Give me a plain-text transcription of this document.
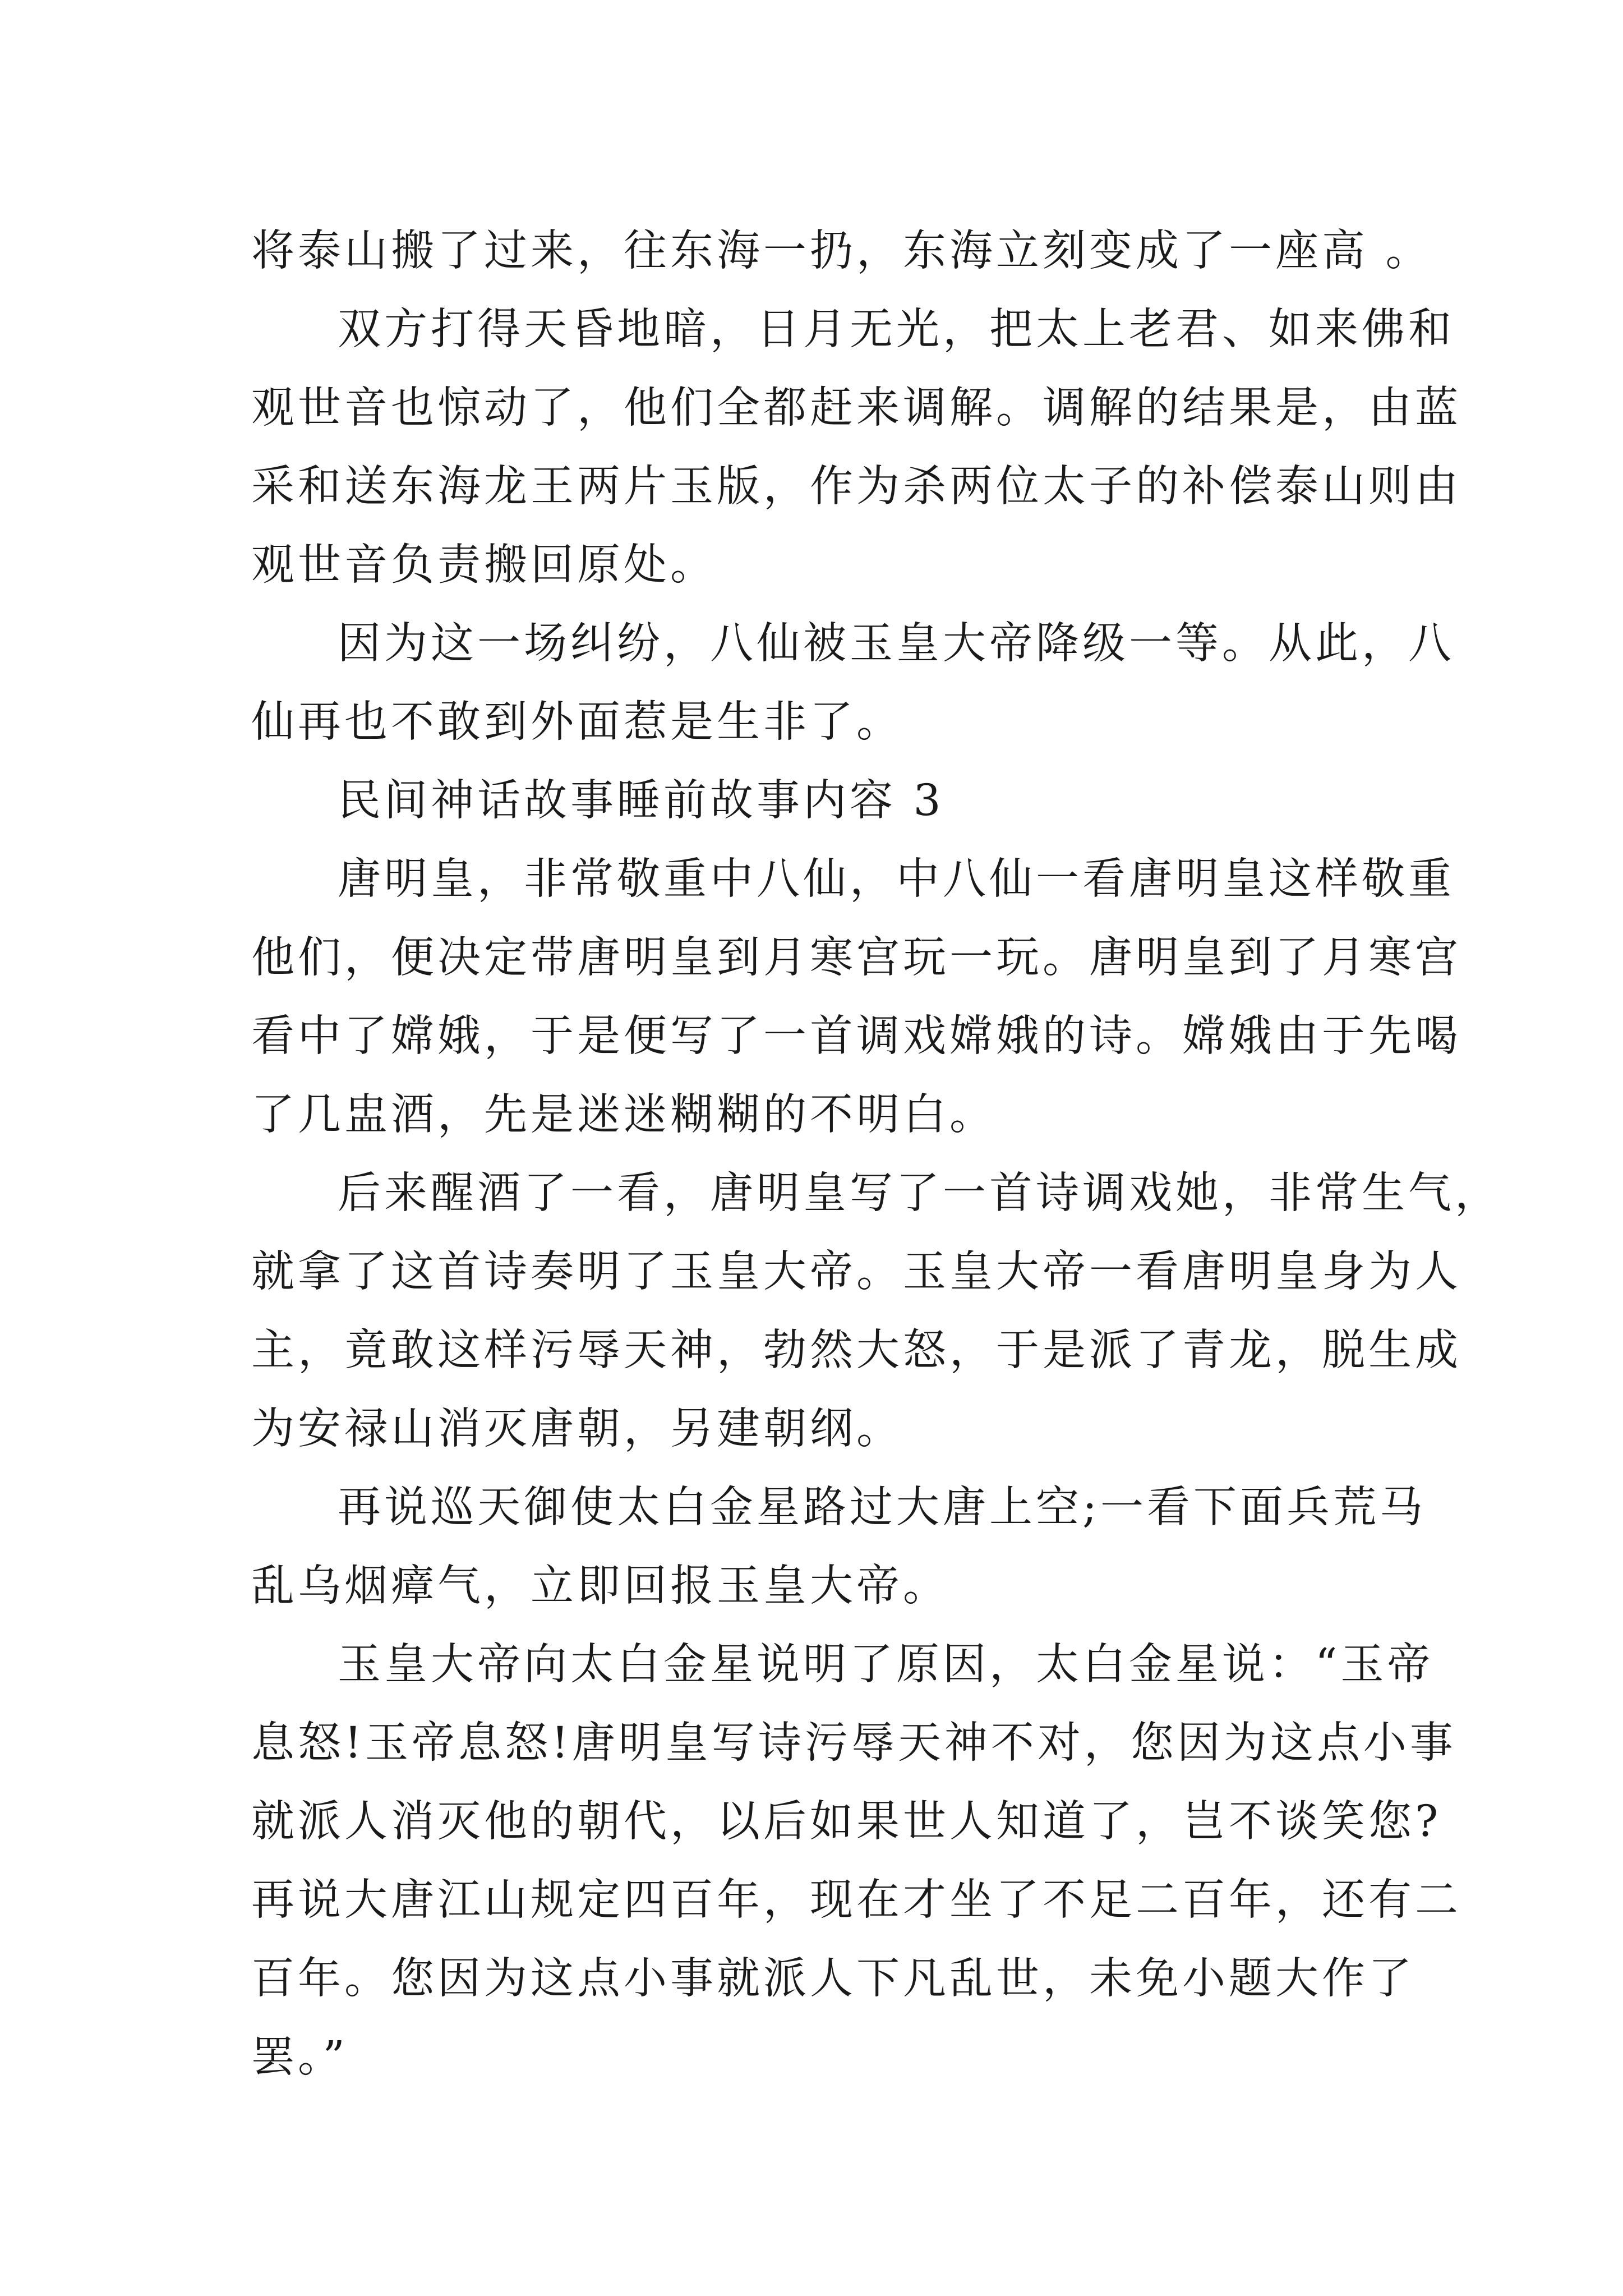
将泰山搬了过来，往东海一扔，东海立刻变成了一座高 。
双方打得天昏地暗，日月无光，把太上老君、如来佛和
观世音也惊动了，他们全都赶来调解。调解的结果是，由蓝
采和送东海龙王两片玉版，作为杀两位太子的补偿泰山则由
观世音负责搬回原处。
因为这一场纠纷，八仙被玉皇大帝降级一等。从此，八
仙再也不敢到外面惹是生非了。
民间神话故事睡前故事内容 3
唐明皇，非常敬重中八仙，中八仙一看唐明皇这样敬重
他们，便决定带唐明皇到月寒宫玩一玩。唐明皇到了月寒宫
看中了嫦娥，于是便写了一首调戏嫦娥的诗。嫦娥由于先喝
了几盅酒，先是迷迷糊糊的不明白。
后来醒酒了一看，唐明皇写了一首诗调戏她，非常生气，
就拿了这首诗奏明了玉皇大帝。玉皇大帝一看唐明皇身为人
主，竟敢这样污辱天神，勃然大怒，于是派了青龙，脱生成
为安禄山消灭唐朝，另建朝纲。
再说巡天御使太白金星路过大唐上空;一看下面兵荒马
乱乌烟瘴气，立即回报玉皇大帝。
玉皇大帝向太白金星说明了原因，太白金星说：“玉帝
息怒!玉帝息怒!唐明皇写诗污辱天神不对，您因为这点小事
就派人消灭他的朝代，以后如果世人知道了，岂不谈笑您?
再说大唐江山规定四百年，现在才坐了不足二百年，还有二
百年。您因为这点小事就派人下凡乱世，未免小题大作了
罢。”
